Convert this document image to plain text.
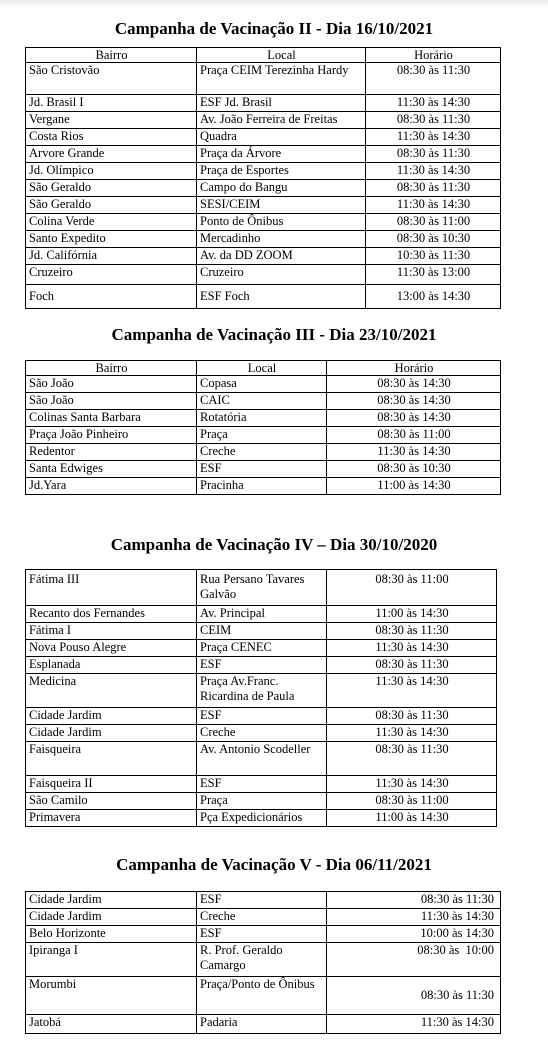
Campanha de Vacinação II - Dia 16/10/2021
Bairro	Local	Horário
São Cristovão	Praça CEIM Terezinha Hardy	08:30 às 11:30
Jd. Brasil I	ESF Jd. Brasil	11:30 às 14:30
Vergane	Av. João Ferreira de Freitas	08:30 às 11:30
Costa Rios	Quadra	11:30 às 14:30
Arvore Grande	Praça da Árvore	08:30 às 11:30
Jd. Olímpico	Praça de Esportes	11:30 às 14:30
São Geraldo	Campo do Bangu	08:30 às 11:30
São Geraldo	SESI/CEIM	11:30 às 14:30
Colina Verde	Ponto de Ônibus	08:30 às 11:00
Santo Expedito	Mercadinho	08:30 às 10:30
Jd. Califórnia	Av. da DD ZOOM	10:30 às 11:30
Cruzeiro	Cruzeiro	11:30 às 13:00
Foch	ESF Foch	13:00 às 14:30
Campanha de Vacinação III - Dia 23/10/2021
Bairro	Local	Horário
São João	Copasa	08:30 às 14:30
São João	CAIC	08:30 às 14:30
Colinas Santa Barbara	Rotatória	08:30 às 14:30
Praça João Pinheiro	Praça	08:30 às 11:00
Redentor	Creche	11:30 às 14:30
Santa Edwiges	ESF	08:30 às 10:30
Jd.Yara	Pracinha	11:00 às 14:30
Campanha de Vacinação IV – Dia 30/10/2020
Fátima III	Rua Persano Tavares Galvão	08:30 às 11:00
Recanto dos Fernandes	Av. Principal	11:00 às 14:30
Fátima I	CEIM	08:30 às 11:30
Nova Pouso Alegre	Praça CENEC	11:30 às 14:30
Esplanada	ESF	08:30 às 11:30
Medicina	Praça Av.Franc. Ricardina de Paula	11:30 às 14:30
Cidade Jardim	ESF	08:30 às 11:30
Cidade Jardim	Creche	11:30 às 14:30
Faisqueira	Av. Antonio Scodeller	08:30 às 11:30
Faisqueira II	ESF	11:30 às 14:30
São Camilo	Praça	08:30 às 11:00
Primavera	Pça Expedicionários	11:00 às 14:30
Campanha de Vacinação V - Dia 06/11/2021
Cidade Jardim	ESF	08:30 às 11:30
Cidade Jardim	Creche	11:30 às 14:30
Belo Horizonte	ESF	10:00 às 14:30
Ipiranga I	R. Prof. Geraldo Camargo	08:30 às  10:00
Morumbi	Praça/Ponto de Ônibus	08:30 às 11:30
Jatobá	Padaria	11:30 às 14:30
